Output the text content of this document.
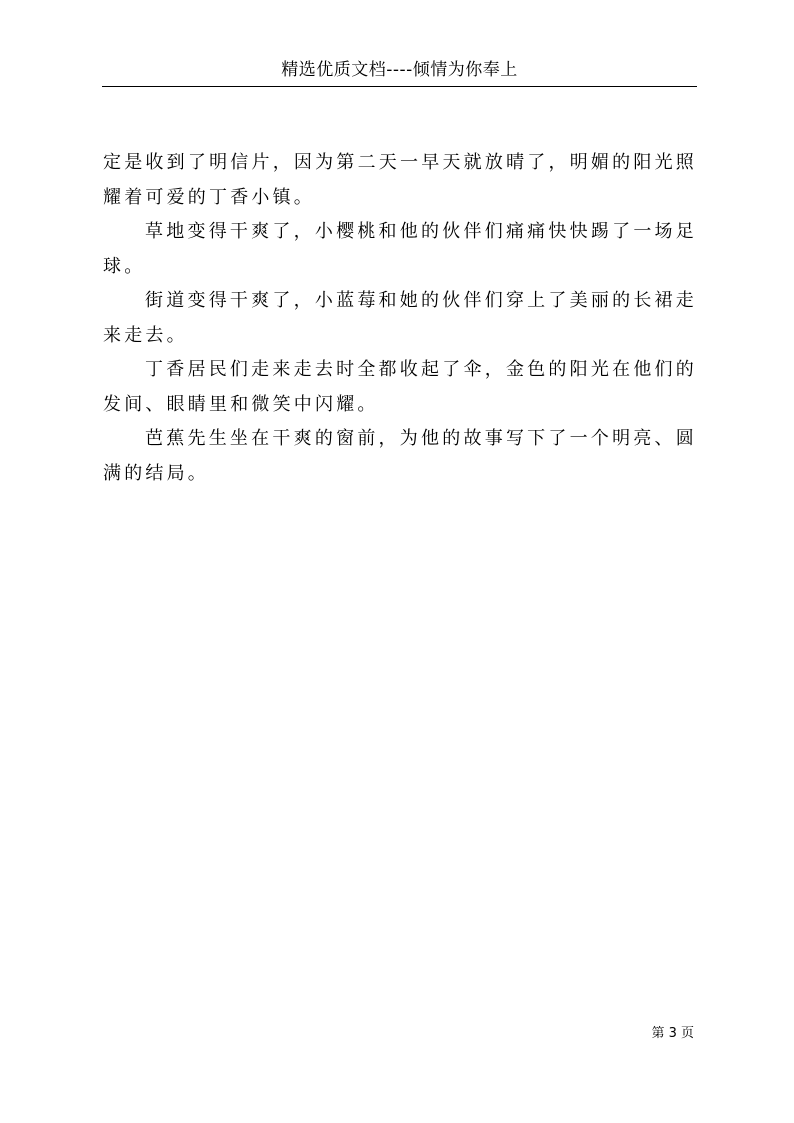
精选优质文档----倾情为你奉上

定是收到了明信片，因为第二天一早天就放晴了，明媚的阳光照耀着可爱的丁香小镇。

草地变得干爽了，小樱桃和他的伙伴们痛痛快快踢了一场足球。

街道变得干爽了，小蓝莓和她的伙伴们穿上了美丽的长裙走来走去。

丁香居民们走来走去时全都收起了伞，金色的阳光在他们的发间、眼睛里和微笑中闪耀。

芭蕉先生坐在干爽的窗前，为他的故事写下了一个明亮、圆满的结局。

第 3 页
